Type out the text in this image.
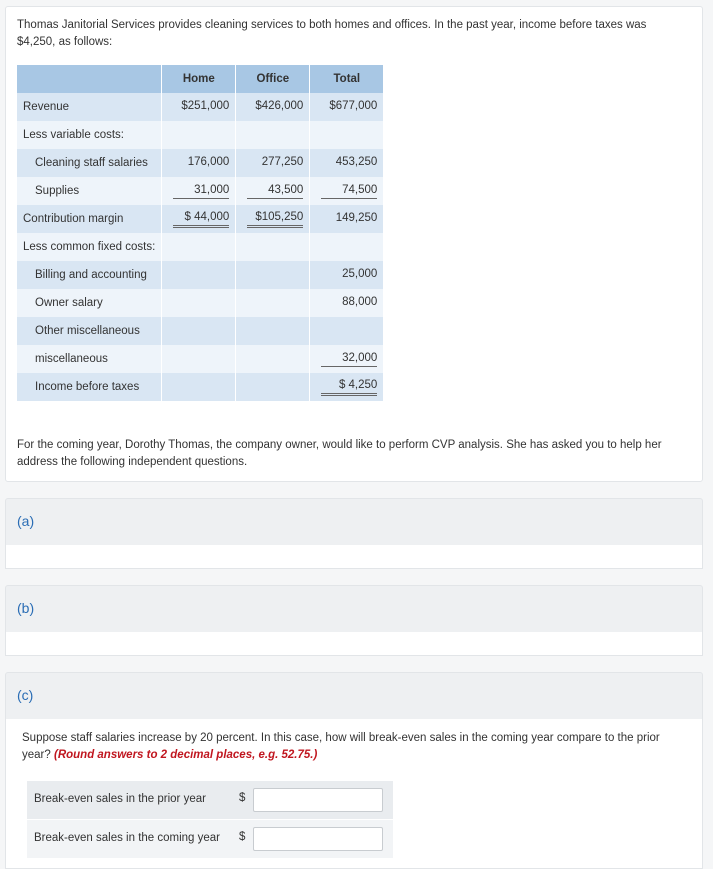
Thomas Janitorial Services provides cleaning services to both homes and offices. In the past year, income before taxes was $4,250, as follows:

	Home	Office	Total
Revenue	$251,000	$426,000	$677,000
Less variable costs:			
Cleaning staff salaries	176,000	277,250	453,250
Supplies	31,000	43,500	74,500
Contribution margin	$ 44,000	$105,250	149,250
Less common fixed costs:			
Billing and accounting			25,000
Owner salary			88,000
Other miscellaneous			
miscellaneous			32,000
Income before taxes			$ 4,250

For the coming year, Dorothy Thomas, the company owner, would like to perform CVP analysis. She has asked you to help her address the following independent questions.

(a)
(b)
(c)

Suppose staff salaries increase by 20 percent. In this case, how will break-even sales in the coming year compare to the prior year? (Round answers to 2 decimal places, e.g. 52.75.)

Break-even sales in the prior year	$
Break-even sales in the coming year $
